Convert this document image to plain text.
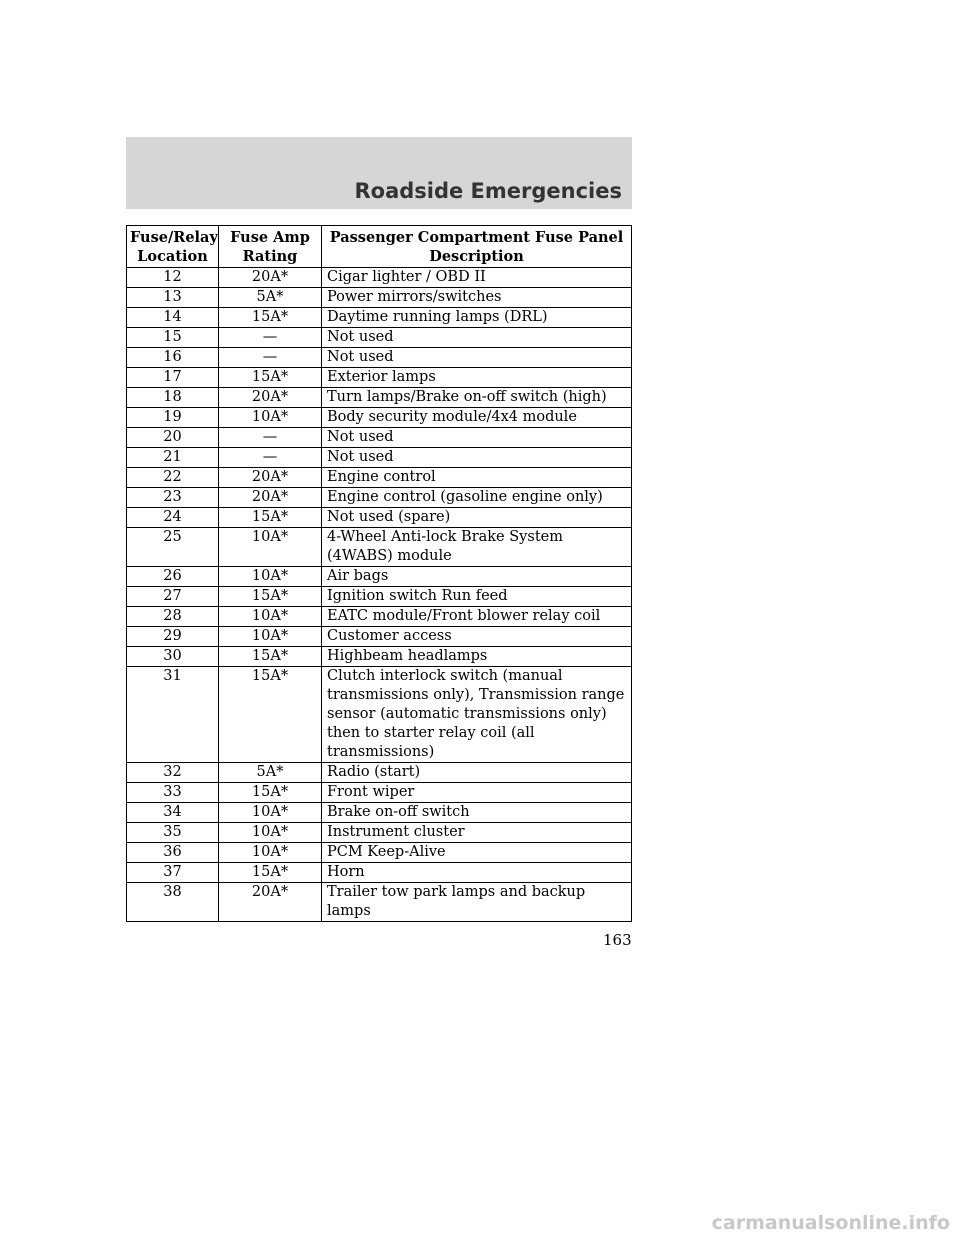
Roadside Emergencies
Fuse/Relay Location	Fuse Amp Rating	Passenger Compartment Fuse Panel Description
12	20A*	Cigar lighter / OBD II
13	5A*	Power mirrors/switches
14	15A*	Daytime running lamps (DRL)
15	—	Not used
16	—	Not used
17	15A*	Exterior lamps
18	20A*	Turn lamps/Brake on-off switch (high)
19	10A*	Body security module/4x4 module
20	—	Not used
21	—	Not used
22	20A*	Engine control
23	20A*	Engine control (gasoline engine only)
24	15A*	Not used (spare)
25	10A*	4-Wheel Anti-lock Brake System (4WABS) module
26	10A*	Air bags
27	15A*	Ignition switch Run feed
28	10A*	EATC module/Front blower relay coil
29	10A*	Customer access
30	15A*	Highbeam headlamps
31	15A*	Clutch interlock switch (manual transmissions only), Transmission range sensor (automatic transmissions only) then to starter relay coil (all transmissions)
32	5A*	Radio (start)
33	15A*	Front wiper
34	10A*	Brake on-off switch
35	10A*	Instrument cluster
36	10A*	PCM Keep-Alive
37	15A*	Horn
38	20A*	Trailer tow park lamps and backup lamps
163
carmanualsonline.info
